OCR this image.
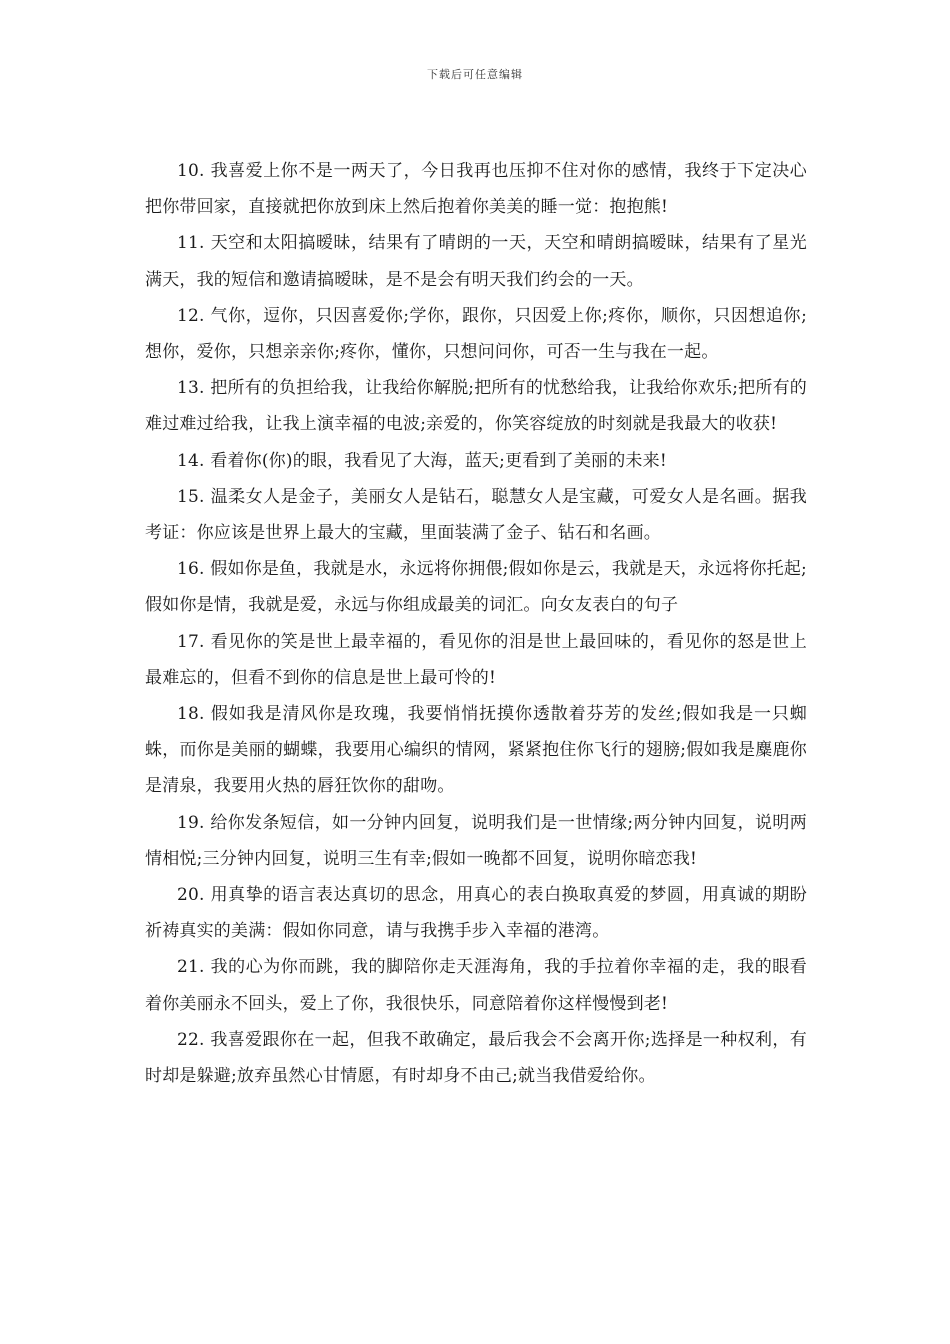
下载后可任意编辑

10. 我喜爱上你不是一两天了，今日我再也压抑不住对你的感情，我终于下定决心把你带回家，直接就把你放到床上然后抱着你美美的睡一觉：抱抱熊!

11. 天空和太阳搞暧昧，结果有了晴朗的一天，天空和晴朗搞暧昧，结果有了星光满天，我的短信和邀请搞暧昧，是不是会有明天我们约会的一天。

12. 气你，逗你，只因喜爱你;学你，跟你，只因爱上你;疼你，顺你，只因想追你;想你，爱你，只想亲亲你;疼你，懂你，只想问问你，可否一生与我在一起。

13. 把所有的负担给我，让我给你解脱;把所有的忧愁给我，让我给你欢乐;把所有的难过难过给我，让我上演幸福的电波;亲爱的，你笑容绽放的时刻就是我最大的收获!

14. 看着你(你)的眼，我看见了大海，蓝天;更看到了美丽的未来!

15. 温柔女人是金子，美丽女人是钻石，聪慧女人是宝藏，可爱女人是名画。据我考证：你应该是世界上最大的宝藏，里面装满了金子、钻石和名画。

16. 假如你是鱼，我就是水，永远将你拥偎;假如你是云，我就是天，永远将你托起;假如你是情，我就是爱，永远与你组成最美的词汇。向女友表白的句子

17. 看见你的笑是世上最幸福的，看见你的泪是世上最回味的，看见你的怒是世上最难忘的，但看不到你的信息是世上最可怜的!

18. 假如我是清风你是玫瑰，我要悄悄抚摸你透散着芬芳的发丝;假如我是一只蜘蛛，而你是美丽的蝴蝶，我要用心编织的情网，紧紧抱住你飞行的翅膀;假如我是麋鹿你是清泉，我要用火热的唇狂饮你的甜吻。

19. 给你发条短信，如一分钟内回复，说明我们是一世情缘;两分钟内回复，说明两情相悦;三分钟内回复，说明三生有幸;假如一晚都不回复，说明你暗恋我!

20. 用真挚的语言表达真切的思念，用真心的表白换取真爱的梦圆，用真诚的期盼祈祷真实的美满：假如你同意，请与我携手步入幸福的港湾。

21. 我的心为你而跳，我的脚陪你走天涯海角，我的手拉着你幸福的走，我的眼看着你美丽永不回头，爱上了你，我很快乐，同意陪着你这样慢慢到老!

22. 我喜爱跟你在一起，但我不敢确定，最后我会不会离开你;选择是一种权利，有时却是躲避;放弃虽然心甘情愿，有时却身不由己;就当我借爱给你。
